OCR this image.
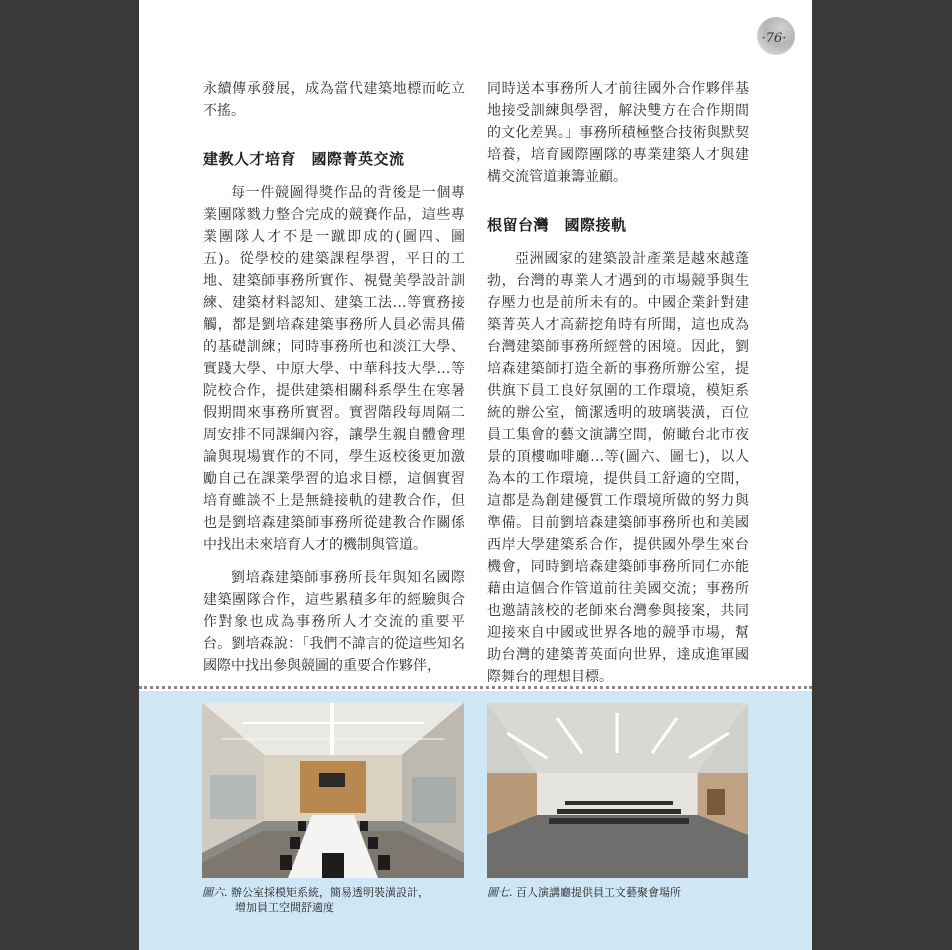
·76·

永續傳承發展，成為當代建築地標而屹立不搖。

建教人才培育　國際菁英交流

每一件競圖得獎作品的背後是一個專業團隊戮力整合完成的競賽作品，這些專業團隊人才不是一蹴即成的(圖四、圖五)。從學校的建築課程學習，平日的工地、建築師事務所實作、視覺美學設計訓練、建築材料認知、建築工法…等實務接觸，都是劉培森建築事務所人員必需具備的基礎訓練；同時事務所也和淡江大學、實踐大學、中原大學、中華科技大學…等院校合作，提供建築相關科系學生在寒暑假期間來事務所實習。實習階段每周隔二周安排不同課綱內容，讓學生親自體會理論與現場實作的不同，學生返校後更加激勵自己在課業學習的追求目標，這個實習培育雖談不上是無縫接軌的建教合作，但也是劉培森建築師事務所從建教合作關係中找出未來培育人才的機制與管道。

劉培森建築師事務所長年與知名國際建築團隊合作，這些累積多年的經驗與合作對象也成為事務所人才交流的重要平台。劉培森說：「我們不諱言的從這些知名國際中找出參與競圖的重要合作夥伴，

同時送本事務所人才前往國外合作夥伴基地接受訓練與學習，解決雙方在合作期間的文化差異。」事務所積極整合技術與默契培養，培育國際團隊的專業建築人才與建構交流管道兼籌並顧。

根留台灣　國際接軌

亞洲國家的建築設計產業是越來越蓬勃，台灣的專業人才遇到的市場競爭與生存壓力也是前所未有的。中國企業針對建築菁英人才高薪挖角時有所聞，這也成為台灣建築師事務所經營的困境。因此，劉培森建築師打造全新的事務所辦公室，提供旗下員工良好氛圍的工作環境，模矩系統的辦公室，簡潔透明的玻璃裝潢，百位員工集會的藝文演講空間，俯瞰台北市夜景的頂樓咖啡廳…等(圖六、圖七)，以人為本的工作環境，提供員工舒適的空間，這都是為創建優質工作環境所做的努力與準備。目前劉培森建築師事務所也和美國西岸大學建築系合作，提供國外學生來台機會，同時劉培森建築師事務所同仁亦能藉由這個合作管道前往美國交流；事務所也邀請該校的老師來台灣參與接案，共同迎接來自中國或世界各地的競爭市場，幫助台灣的建築菁英面向世界，達成進軍國際舞台的理想目標。

圖六. 辦公室採模矩系統，簡易透明裝潢設計，
增加員工空間舒適度
圖七. 百人演講廳提供員工文藝聚會場所
